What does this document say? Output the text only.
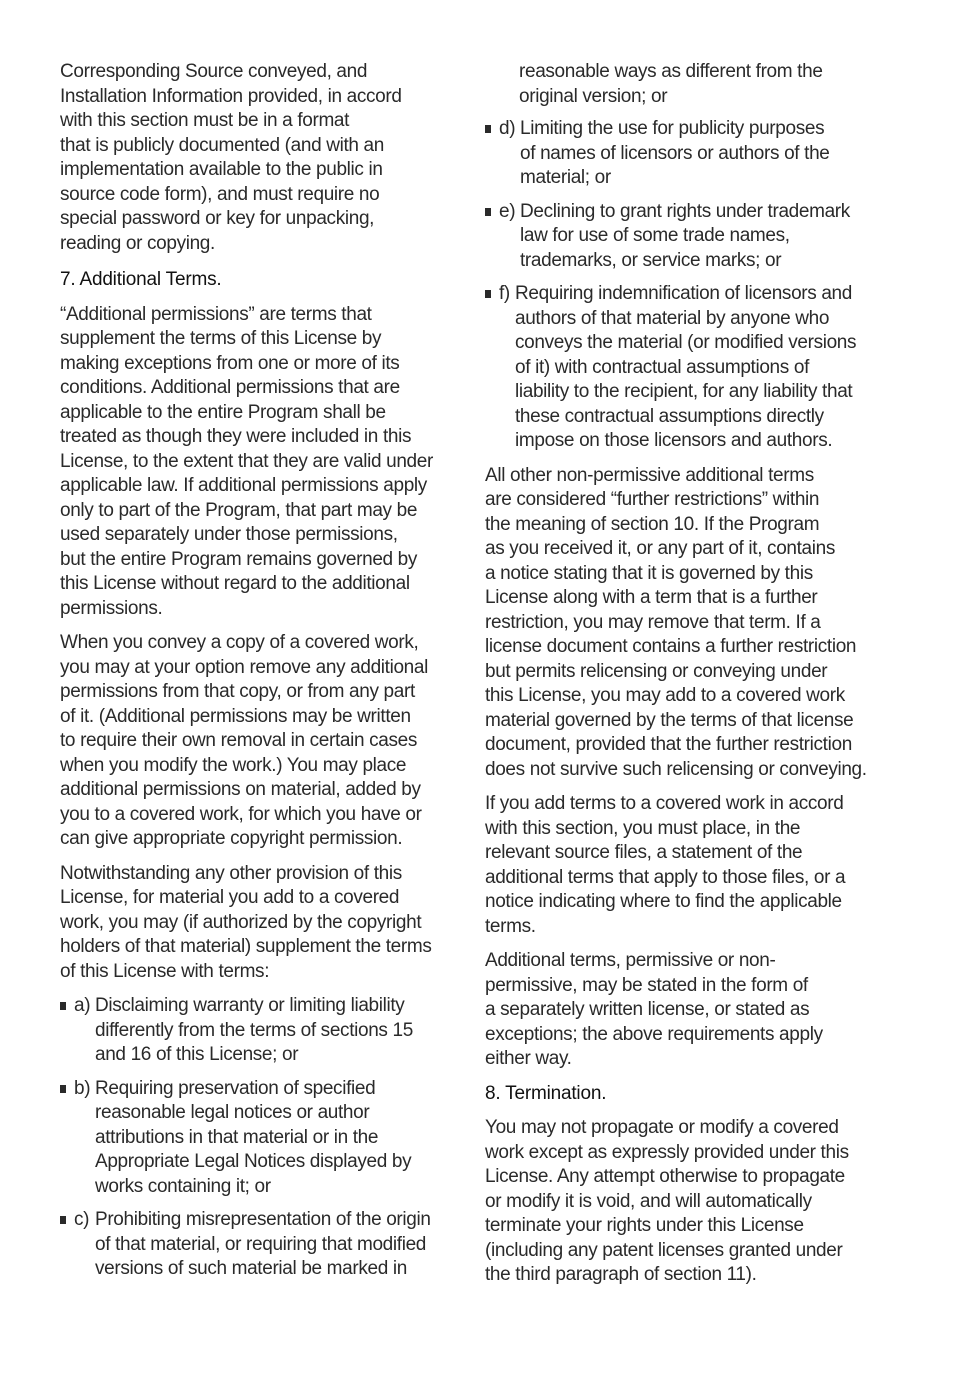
Corresponding Source conveyed, and
Installation Information provided, in accord
with this section must be in a format
that is publicly documented (and with an
implementation available to the public in
source code form), and must require no
special password or key for unpacking,
reading or copying.

7. Additional Terms.

“Additional permissions” are terms that
supplement the terms of this License by
making exceptions from one or more of its
conditions. Additional permissions that are
applicable to the entire Program shall be
treated as though they were included in this
License, to the extent that they are valid under
applicable law. If additional permissions apply
only to part of the Program, that part may be
used separately under those permissions,
but the entire Program remains governed by
this License without regard to the additional
permissions.

When you convey a copy of a covered work,
you may at your option remove any additional
permissions from that copy, or from any part
of it. (Additional permissions may be written
to require their own removal in certain cases
when you modify the work.) You may place
additional permissions on material, added by
you to a covered work, for which you have or
can give appropriate copyright permission.

Notwithstanding any other provision of this
License, for material you add to a covered
work, you may (if authorized by the copyright
holders of that material) supplement the terms
of this License with terms:

a) Disclaiming warranty or limiting liability
differently from the terms of sections 15
and 16 of this License; or
b) Requiring preservation of specified
reasonable legal notices or author
attributions in that material or in the
Appropriate Legal Notices displayed by
works containing it; or
c) Prohibiting misrepresentation of the origin
of that material, or requiring that modified
versions of such material be marked in

reasonable ways as different from the
original version; or

d) Limiting the use for publicity purposes
of names of licensors or authors of the
material; or
e) Declining to grant rights under trademark
law for use of some trade names,
trademarks, or service marks; or
f) Requiring indemnification of licensors and
authors of that material by anyone who
conveys the material (or modified versions
of it) with contractual assumptions of
liability to the recipient, for any liability that
these contractual assumptions directly
impose on those licensors and authors.

All other non-permissive additional terms
are considered “further restrictions” within
the meaning of section 10. If the Program
as you received it, or any part of it, contains
a notice stating that it is governed by this
License along with a term that is a further
restriction, you may remove that term. If a
license document contains a further restriction
but permits relicensing or conveying under
this License, you may add to a covered work
material governed by the terms of that license
document, provided that the further restriction
does not survive such relicensing or conveying.

If you add terms to a covered work in accord
with this section, you must place, in the
relevant source files, a statement of the
additional terms that apply to those files, or a
notice indicating where to find the applicable
terms.

Additional terms, permissive or non-
permissive, may be stated in the form of
a separately written license, or stated as
exceptions; the above requirements apply
either way.

8. Termination.

You may not propagate or modify a covered
work except as expressly provided under this
License. Any attempt otherwise to propagate
or modify it is void, and will automatically
terminate your rights under this License
(including any patent licenses granted under
the third paragraph of section 11).
